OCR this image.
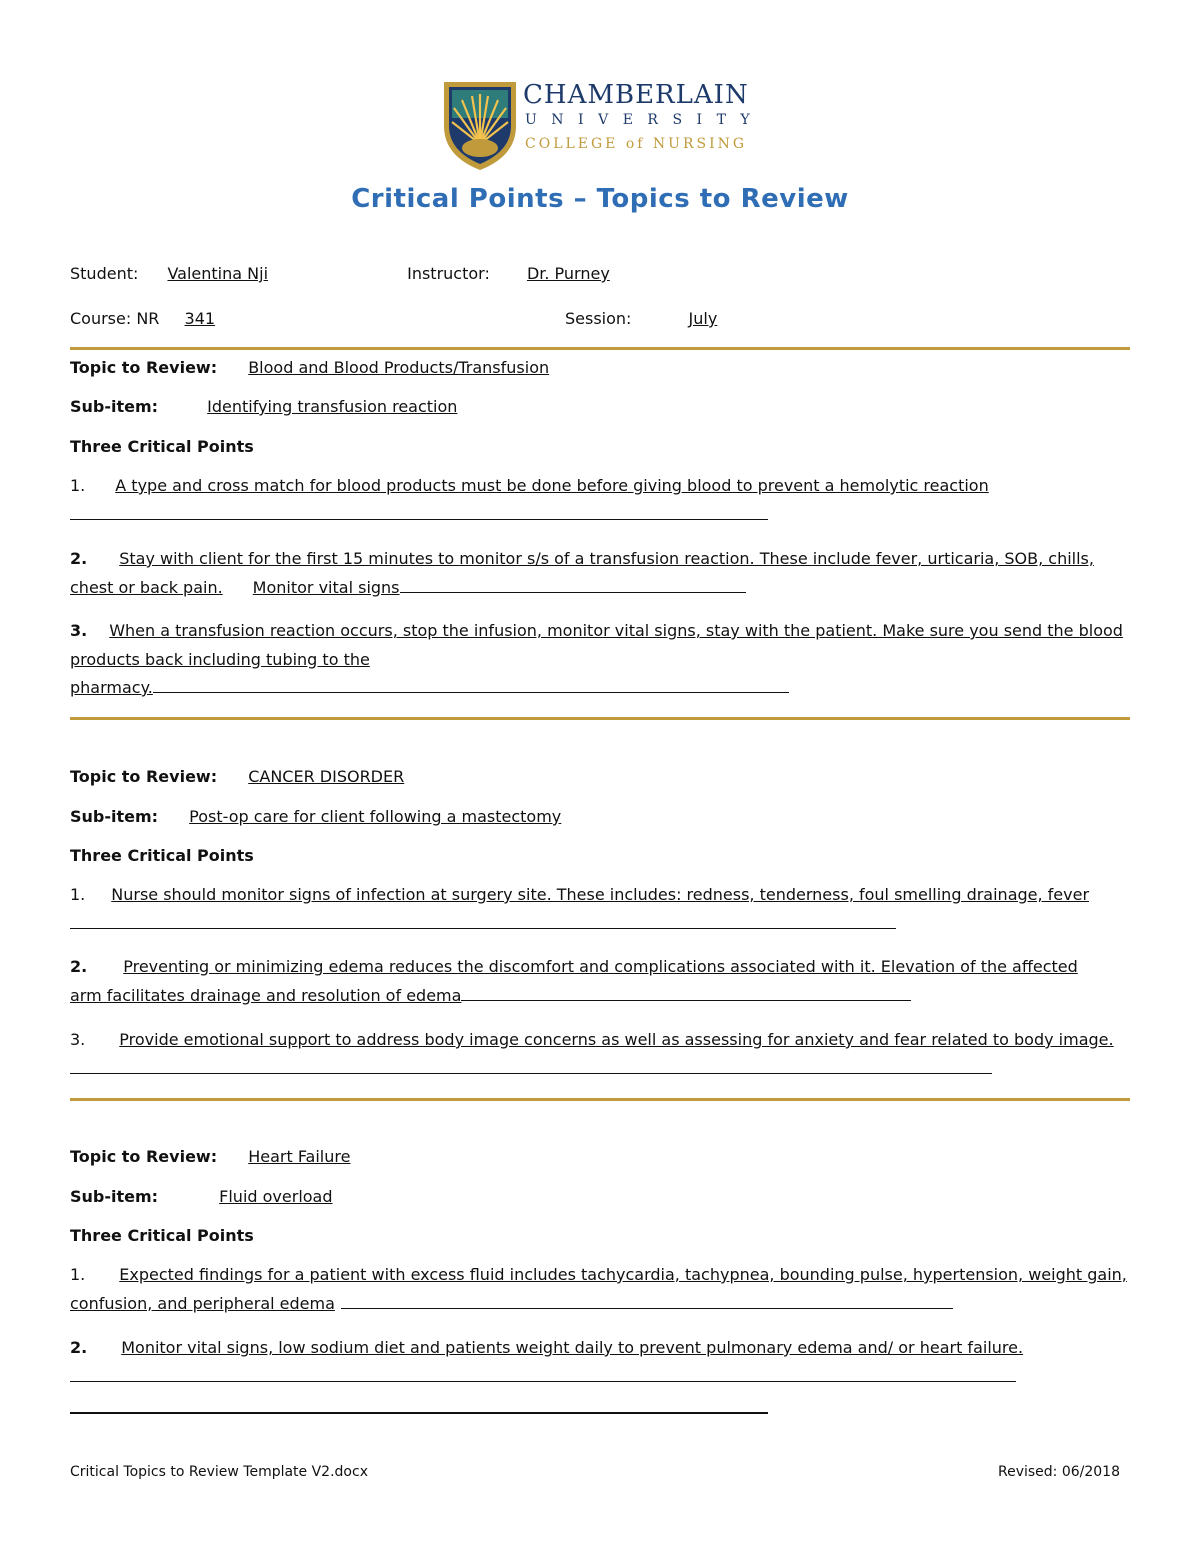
CHAMBERLAIN
UNIVERSITY
COLLEGE of NURSING
Critical Points – Topics to Review
Student: Valentina Nji	Instructor: Dr. Purney
Course: NR 341	Session:	July
Topic to Review: Blood and Blood Products/Transfusion
Sub-item:	Identifying transfusion reaction
Three Critical Points
1. A type and cross match for blood products must be done before giving blood to prevent a hemolytic reaction
2. Stay with client for the first 15 minutes to monitor s/s of a transfusion reaction. These include fever, urticaria, SOB, chills, chest or back pain. Monitor vital signs
3. When a transfusion reaction occurs, stop the infusion, monitor vital signs, stay with the patient. Make sure you send the blood products back including tubing to the
pharmacy.
Topic to Review: CANCER DISORDER
Sub-item: Post-op care for client following a mastectomy
Three Critical Points
1. Nurse should monitor signs of infection at surgery site. These includes: redness, tenderness, foul smelling drainage, fever
2. Preventing or minimizing edema reduces the discomfort and complications associated with it. Elevation of the affected arm facilitates drainage and resolution of edema
3. Provide emotional support to address body image concerns as well as assessing for anxiety and fear related to body image.
Topic to Review: Heart Failure
Sub-item:	Fluid overload
Three Critical Points
1. Expected findings for a patient with excess fluid includes tachycardia, tachypnea, bounding pulse, hypertension, weight gain, confusion, and peripheral edema
2. Monitor vital signs, low sodium diet and patients weight daily to prevent pulmonary edema and/ or heart failure.
Critical Topics to Review Template V2.docx	Revised: 06/2018
